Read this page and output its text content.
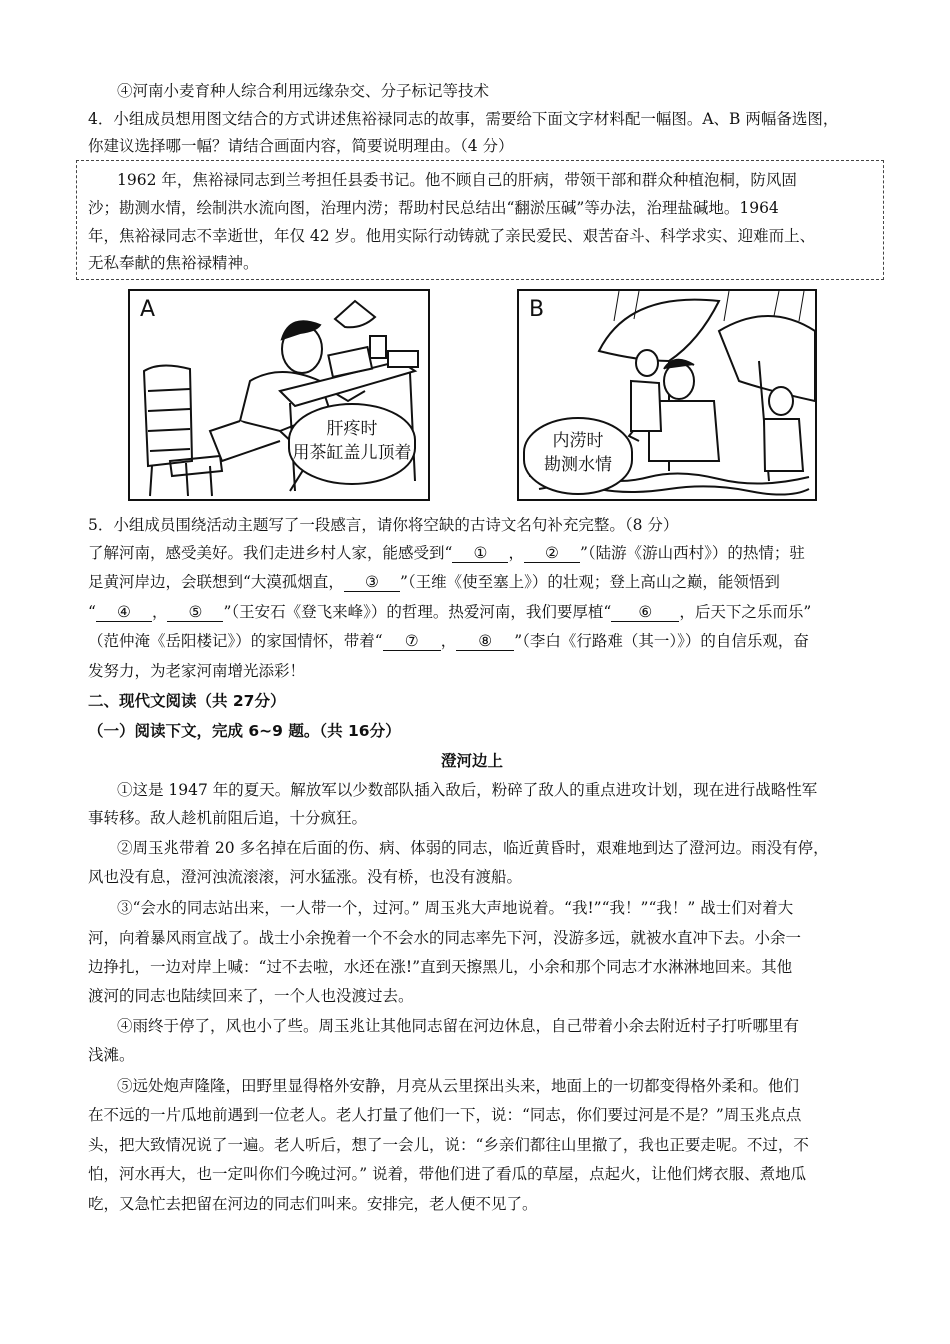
④河南小麦育种人综合利用远缘杂交、分子标记等技术
4．小组成员想用图文结合的方式讲述焦裕禄同志的故事，需要给下面文字材料配一幅图。A、B 两幅备选图，
你建议选择哪一幅？请结合画面内容，简要说明理由。（4 分）
1962 年，焦裕禄同志到兰考担任县委书记。他不顾自己的肝病，带领干部和群众种植泡桐，防风固
沙；勘测水情，绘制洪水流向图，治理内涝；帮助村民总结出“翻淤压碱”等办法，治理盐碱地。1964
年，焦裕禄同志不幸逝世，年仅 42 岁。他用实际行动铸就了亲民爱民、艰苦奋斗、科学求实、迎难而上、
无私奉献的焦裕禄精神。
A
肝疼时
用茶缸盖儿顶着
B
内涝时
勘测水情
5．小组成员围绕活动主题写了一段感言，请你将空缺的古诗文名句补充完整。（8 分）
了解河南，感受美好。我们走进乡村人家，能感受到“ ① ， ② ”（陆游《游山西村》）的热情；驻
足黄河岸边，会联想到“大漠孤烟直， ③ ”（王维《使至塞上》）的壮观；登上高山之巅，能领悟到
“ ④ ， ⑤ ”（王安石《登飞来峰》）的哲理。热爱河南，我们要厚植“ ⑥ ，后天下之乐而乐”
（范仲淹《岳阳楼记》）的家国情怀，带着“ ⑦ ， ⑧ ”（李白《行路难（其一）》）的自信乐观，奋
发努力，为老家河南增光添彩！
二、现代文阅读（共 27分）
（一）阅读下文，完成 6~9 题。（共 16分）
澄河边上
①这是 1947 年的夏天。解放军以少数部队插入敌后，粉碎了敌人的重点进攻计划，现在进行战略性军
事转移。敌人趁机前阻后追，十分疯狂。
②周玉兆带着 20 多名掉在后面的伤、病、体弱的同志，临近黄昏时，艰难地到达了澄河边。雨没有停，
风也没有息，澄河浊流滚滚，河水猛涨。没有桥，也没有渡船。
③“会水的同志站出来，一人带一个，过河。” 周玉兆大声地说着。“我!”“我！”“我！” 战士们对着大
河，向着暴风雨宣战了。战士小余挽着一个不会水的同志率先下河，没游多远，就被水直冲下去。小余一
边挣扎，一边对岸上喊：“过不去啦，水还在涨!”直到天擦黑儿，小余和那个同志才水淋淋地回来。其他
渡河的同志也陆续回来了，一个人也没渡过去。
④雨终于停了，风也小了些。周玉兆让其他同志留在河边休息，自己带着小余去附近村子打听哪里有
浅滩。
⑤远处炮声隆隆，田野里显得格外安静，月亮从云里探出头来，地面上的一切都变得格外柔和。他们
在不远的一片瓜地前遇到一位老人。老人打量了他们一下，说：“同志，你们要过河是不是？”周玉兆点点
头，把大致情况说了一遍。老人听后，想了一会儿，说：“乡亲们都往山里撤了，我也正要走呢。不过，不
怕，河水再大，也一定叫你们今晚过河。” 说着，带他们进了看瓜的草屋，点起火，让他们烤衣服、煮地瓜
吃，又急忙去把留在河边的同志们叫来。安排完，老人便不见了。
